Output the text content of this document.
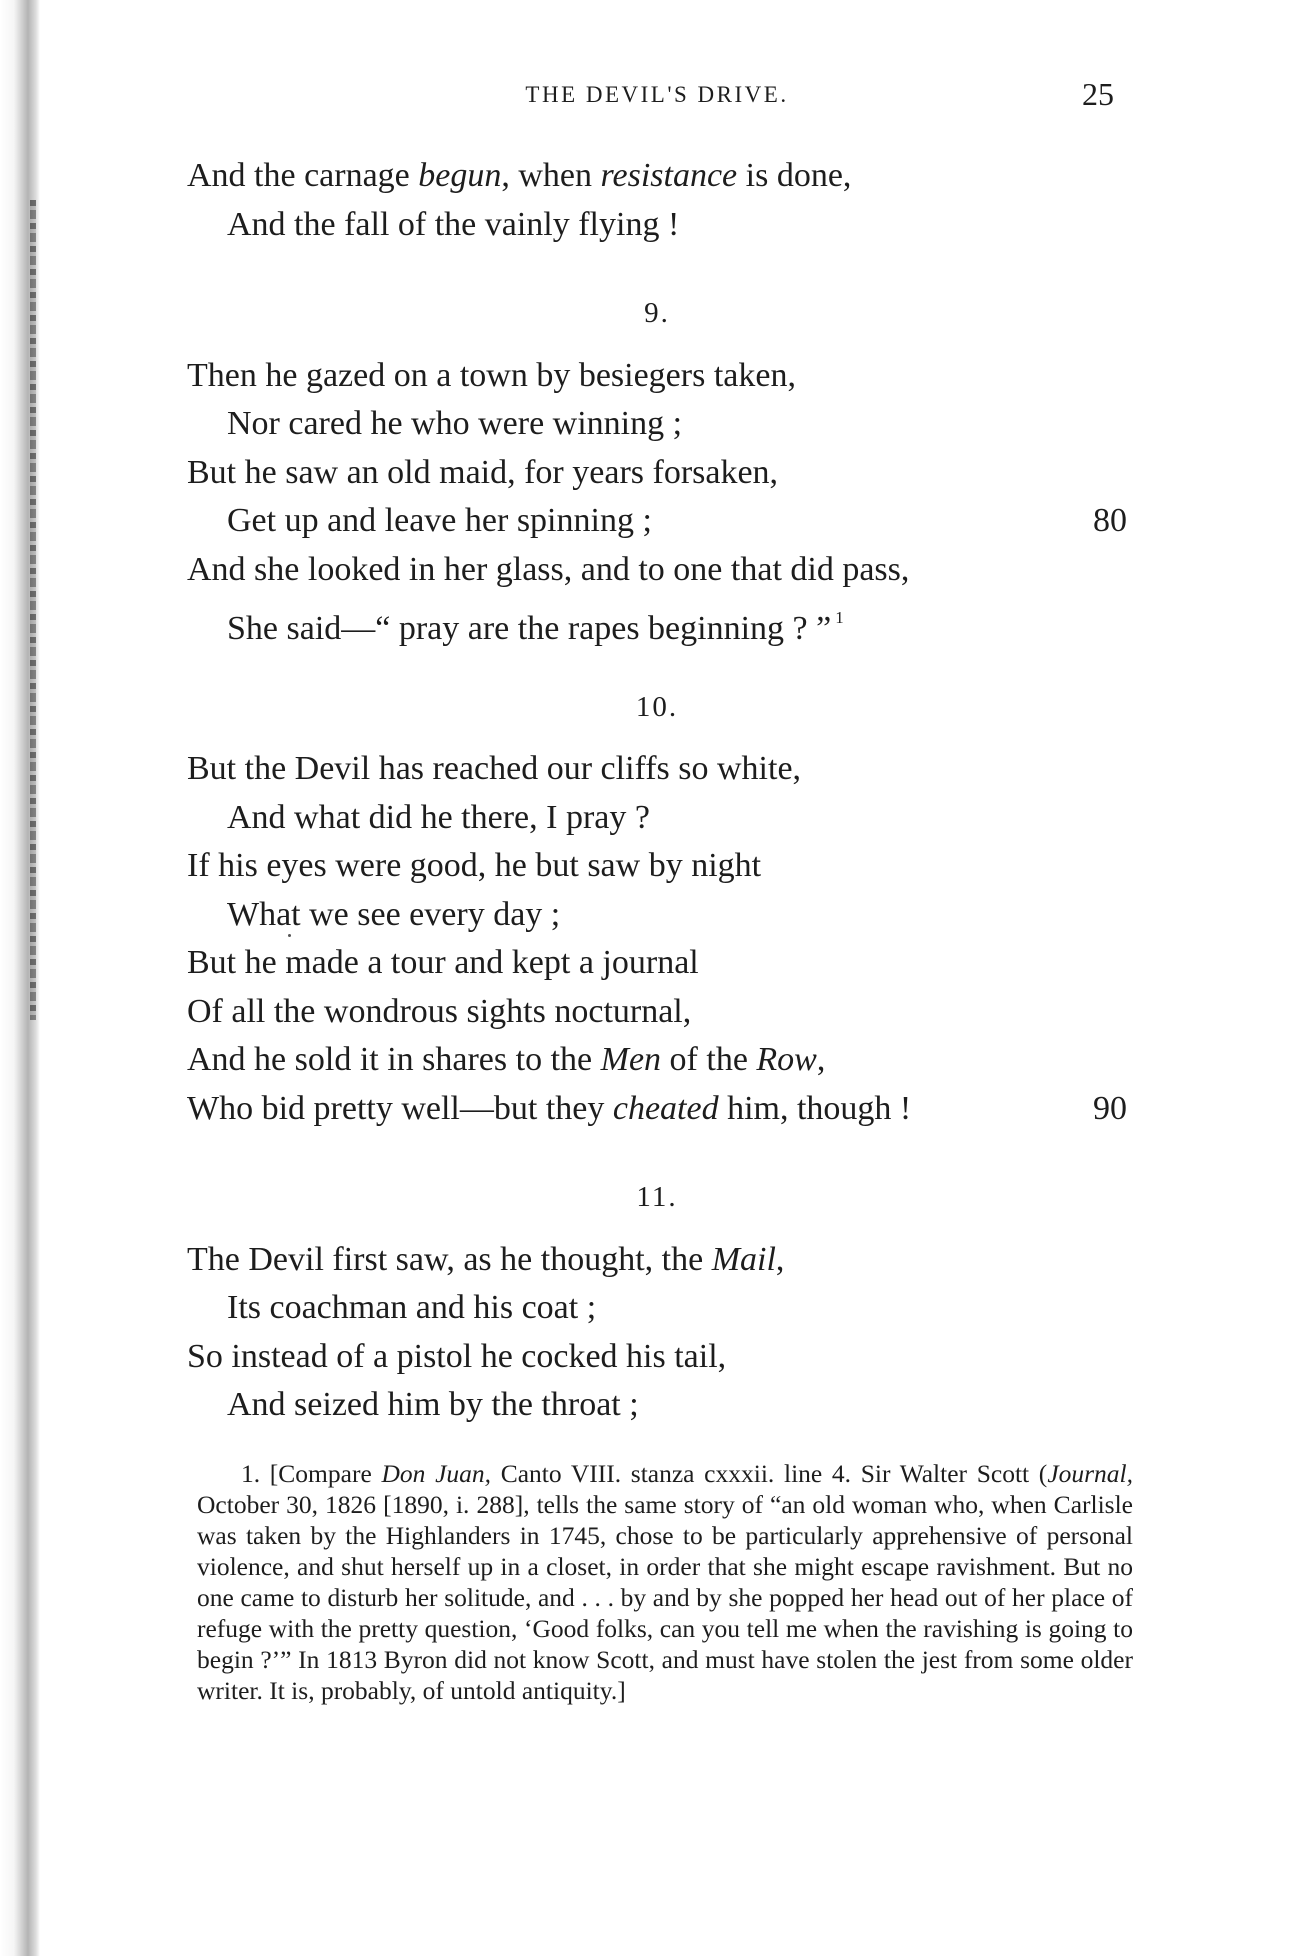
THE DEVIL'S DRIVE.	25
And the carnage begun, when resistance is done,
And the fall of the vainly flying !
9.
Then he gazed on a town by besiegers taken,
Nor cared he who were winning ;
But he saw an old maid, for years forsaken,
Get up and leave her spinning ;	80
And she looked in her glass, and to one that did pass,
She said—“ pray are the rapes beginning ? ” $^1$
10.
But the Devil has reached our cliffs so white,
And what did he there, I pray ?
If his eyes were good, he but saw by night
What we see every day ;
But he made a tour and kept a journal
Of all the wondrous sights nocturnal,
And he sold it in shares to the Men of the Row,
Who bid pretty well—but they cheated him, though !	90
11.
The Devil first saw, as he thought, the Mail,
Its coachman and his coat ;
So instead of a pistol he cocked his tail,
And seized him by the throat ;
1. [Compare Don Juan, Canto VIII. stanza cxxxii. line 4. Sir Walter Scott (Journal, October 30, 1826 [1890, i. 288], tells the same story of “an old woman who, when Carlisle was taken by the Highlanders in 1745, chose to be particularly apprehensive of personal violence, and shut herself up in a closet, in order that she might escape ravishment. But no one came to disturb her solitude, and . . . by and by she popped her head out of her place of refuge with the pretty question, ‘Good folks, can you tell me when the ravishing is going to begin ?’” In 1813 Byron did not know Scott, and must have stolen the jest from some older writer. It is, probably, of untold antiquity.]
